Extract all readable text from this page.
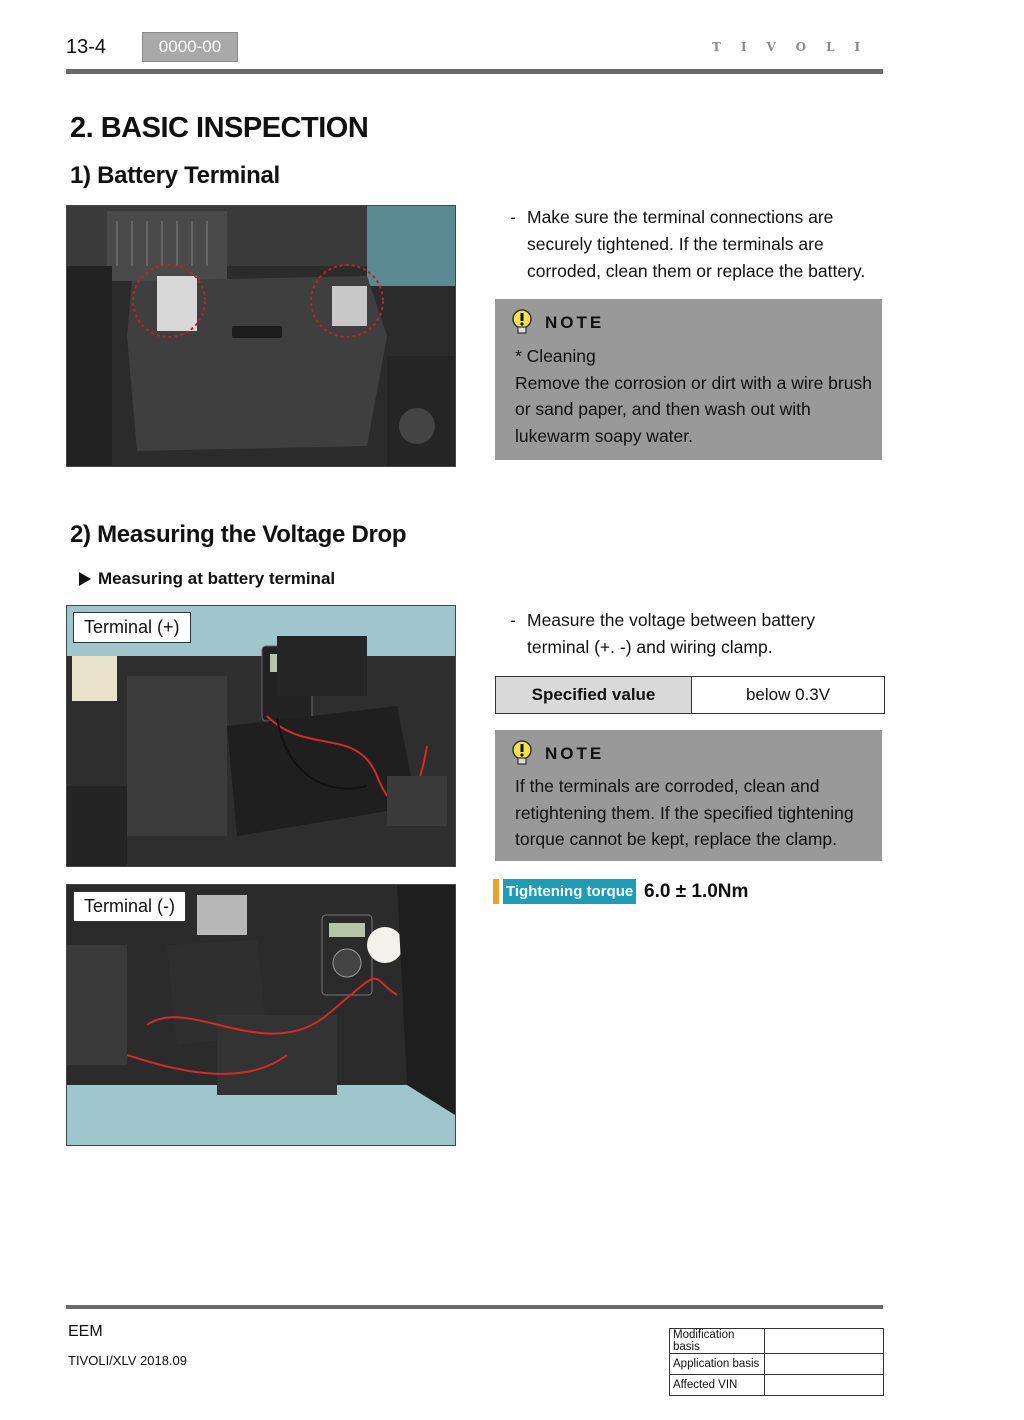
13-4	0000-00	TIVOLI
2. BASIC INSPECTION
1) Battery Terminal
- Make sure the terminal connections are securely tightened. If the terminals are corroded, clean them or replace the battery.
NOTE
* Cleaning
Remove the corrosion or dirt with a wire brush
or sand paper, and then wash out with
lukewarm soapy water.
2) Measuring the Voltage Drop
Measuring at battery terminal
Terminal (+)
Terminal (-)
- Measure the voltage between battery terminal (+. -) and wiring clamp.
Specified value	below 0.3V
NOTE
If the terminals are corroded, clean and
retightening them. If the specified tightening
torque cannot be kept, replace the clamp.
Tightening torque 6.0 ± 1.0Nm
EEM
TIVOLI/XLV 2018.09
Modification basis	
Application basis	
Affected VIN	
